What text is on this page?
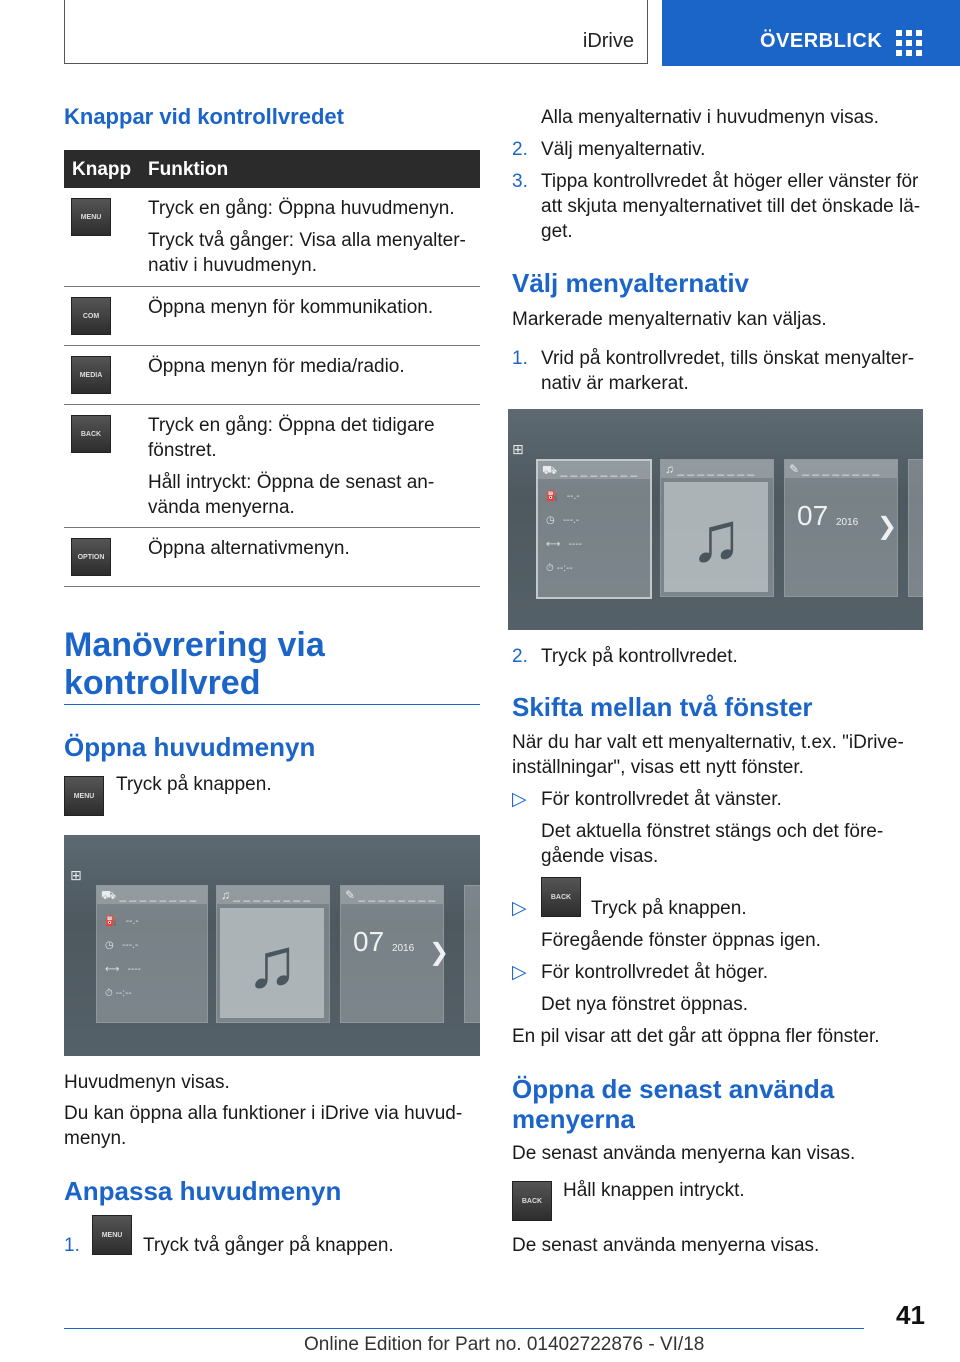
iDrive	ÖVERBLICK
Knappar vid kontrollvredet
Knapp Funktion
MENU	Tryck en gång: Öppna huvudmenyn.
Tryck två gånger: Visa alla menyalter-
nativ i huvudmenyn.
COM	Öppna menyn för kommunikation.
MEDIA	Öppna menyn för media/radio.
BACK	Tryck en gång: Öppna det tidigare
fönstret.
Håll intryckt: Öppna de senast an-
vända menyerna.
OPTION	Öppna alternativmenyn.
Manövrering via
kontrollvred
Öppna huvudmenyn
MENU
Tryck på knappen.
⊞
⛟ _ _ _ _ _ _ _ _
⛽   --.-
◷   ---.-
⟷   ----
⏱ --:--
♫ _ _ _ _ _ _ _ _
♫
✎ _ _ _ _ _ _ _ _
07 2016 ❯
Huvudmenyn visas.
Du kan öppna alla funktioner i iDrive via huvud-
menyn.
Anpassa huvudmenyn
1.	MENU	Tryck två gånger på knappen.
Alla menyalternativ i huvudmenyn visas.
2. Välj menyalternativ.
3. Tippa kontrollvredet åt höger eller vänster för
att skjuta menyalternativet till det önskade lä-
get.
Välj menyalternativ
Markerade menyalternativ kan väljas.
1. Vrid på kontrollvredet, tills önskat menyalter-
nativ är markerat.
⊞
⛟ _ _ _ _ _ _ _ _
⛽   --.-
◷   ---.-
⟷   ----
⏱ --:--
♫ _ _ _ _ _ _ _ _
♫
✎ _ _ _ _ _ _ _ _
07 2016 ❯
2. Tryck på kontrollvredet.
Skifta mellan två fönster
När du har valt ett menyalternativ, t.ex. "iDrive-
inställningar", visas ett nytt fönster.
▷ För kontrollvredet åt vänster.
Det aktuella fönstret stängs och det före-
gående visas.
▷
BACK
Tryck på knappen.
Föregående fönster öppnas igen.
▷ För kontrollvredet åt höger.
Det nya fönstret öppnas.
En pil visar att det går att öppna fler fönster.
Öppna de senast använda
menyerna
De senast använda menyerna kan visas.
BACK	Håll knappen intryckt.
De senast använda menyerna visas.
41
Online Edition for Part no. 01402722876 - VI/18
